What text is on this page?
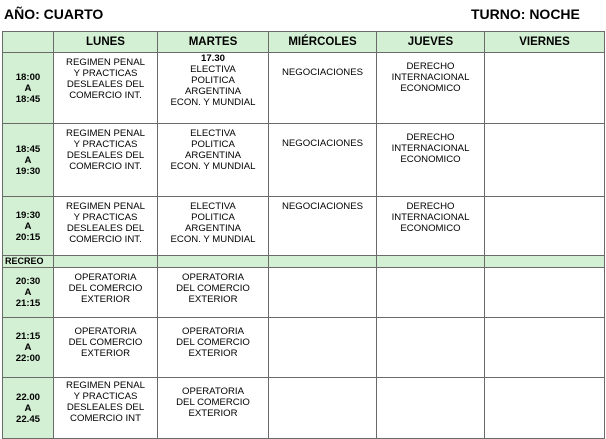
AÑO: CUARTO	TURNO: NOCHE
	LUNES	MARTES	MIÉRCOLES	JUEVES	VIERNES

18:00
A
18:45	REGIMEN PENAL
Y PRACTICAS
DESLEALES DEL
COMERCIO INT.	17.30
ELECTIVA
POLITICA
ARGENTINA
ECON. Y MUNDIAL	NEGOCIACIONES	DERECHO
INTERNACIONAL
ECONOMICO	

18:45
A
19:30	REGIMEN PENAL
Y PRACTICAS
DESLEALES DEL
COMERCIO INT.	ELECTIVA
POLITICA
ARGENTINA
ECON. Y MUNDIAL	NEGOCIACIONES	DERECHO
INTERNACIONAL
ECONOMICO	

19:30
A
20:15	REGIMEN PENAL
Y PRACTICAS
DESLEALES DEL
COMERCIO INT.	ELECTIVA
POLITICA
ARGENTINA
ECON. Y MUNDIAL	NEGOCIACIONES	DERECHO
INTERNACIONAL
ECONOMICO	

RECREO					

20:30
A
21:15	OPERATORIA
DEL COMERCIO
EXTERIOR	OPERATORIA
DEL COMERCIO
EXTERIOR			

21:15
A
22:00	OPERATORIA
DEL COMERCIO
EXTERIOR	OPERATORIA
DEL COMERCIO
EXTERIOR			

22.00
A
22.45	REGIMEN PENAL
Y PRACTICAS
DESLEALES DEL
COMERCIO INT	OPERATORIA
DEL COMERCIO
EXTERIOR			
